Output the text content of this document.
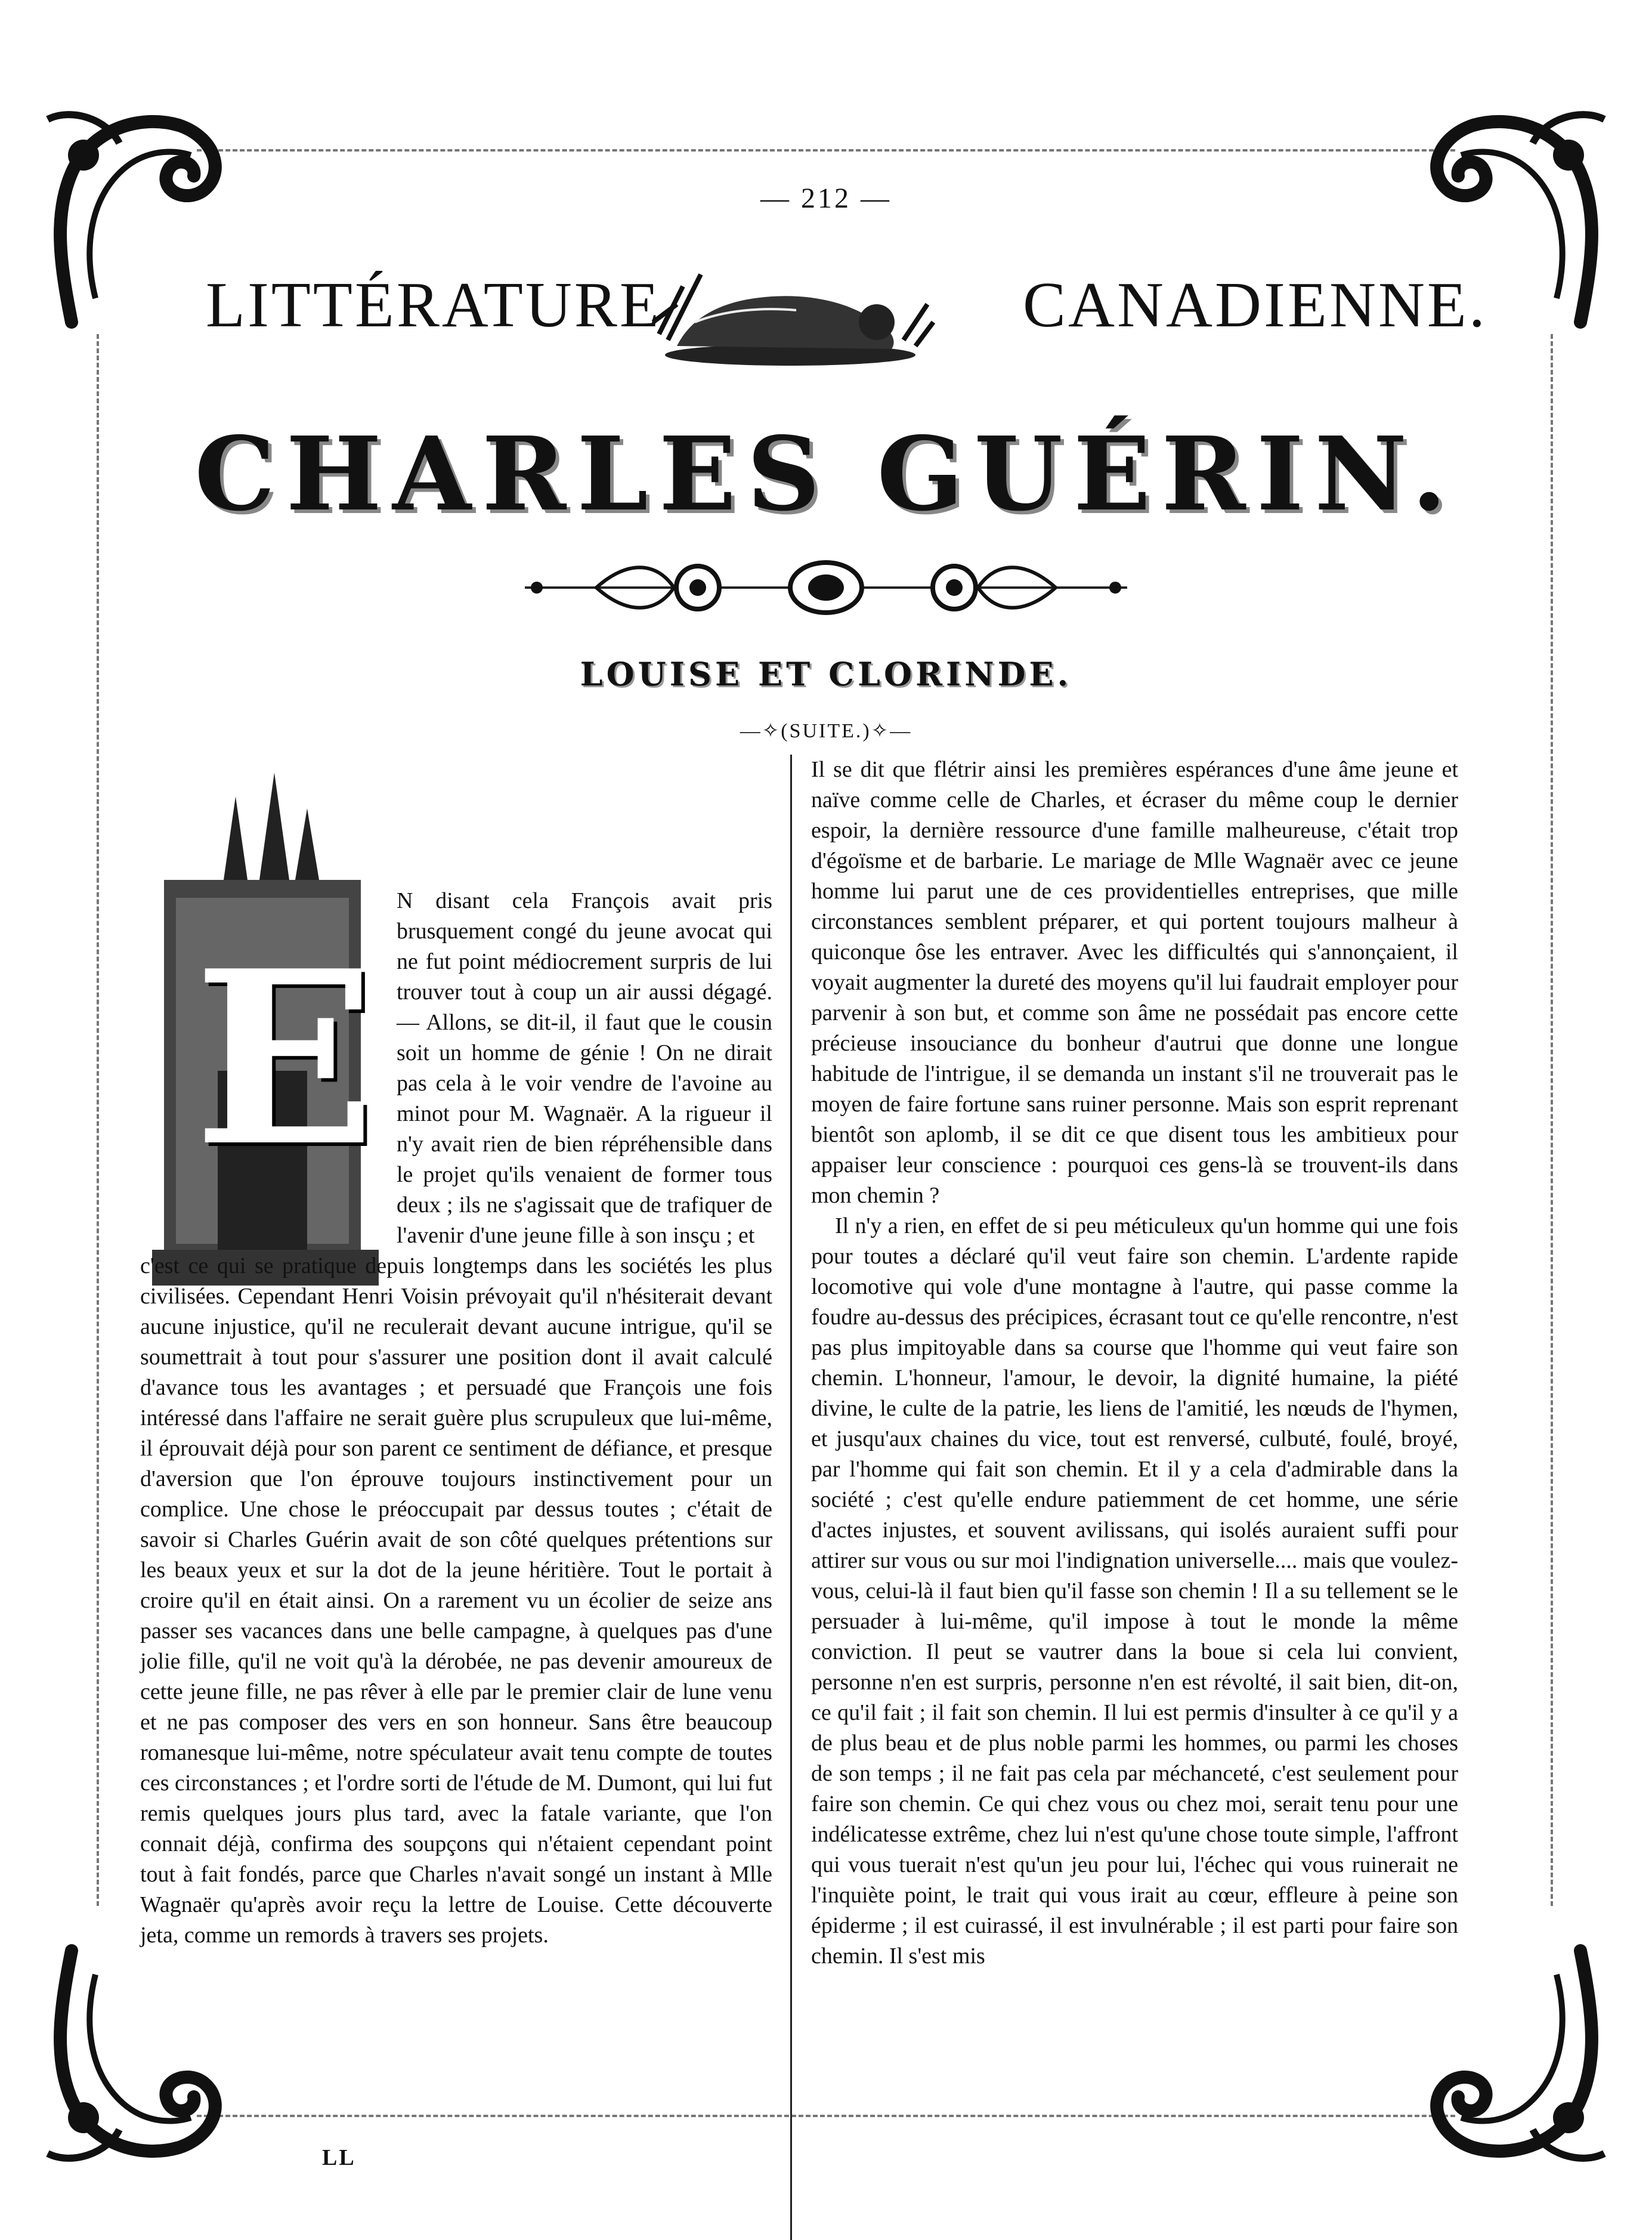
— 212 —
LITTÉRATURE	CANADIENNE.
CHARLES GUÉRIN.
LOUISE ET CLORINDE.
—✧(SUITE.)✧—
E

N disant cela François avait pris brusquement congé du jeune avocat qui ne fut point médiocrement surpris de lui trouver tout à coup un air aussi dégagé. — Allons, se dit-il, il faut que le cousin soit un homme de génie ! On ne dirait pas cela à le voir vendre de l'avoine au minot pour M. Wagnaër. A la rigueur il n'y avait rien de bien répréhensible dans le projet qu'ils venaient de former tous deux ; ils ne s'agissait que de trafiquer de l'avenir d'une jeune fille à son insçu ; et

c'est ce qui se pratique depuis longtemps dans les sociétés les plus civilisées. Cependant Henri Voisin prévoyait qu'il n'hésiterait devant aucune injustice, qu'il ne reculerait devant aucune intrigue, qu'il se soumettrait à tout pour s'assurer une position dont il avait calculé d'avance tous les avantages ; et persuadé que François une fois intéressé dans l'affaire ne serait guère plus scrupuleux que lui-même, il éprouvait déjà pour son parent ce sentiment de défiance, et presque d'aversion que l'on éprouve toujours instinctivement pour un complice. Une chose le préoccupait par dessus toutes ; c'était de savoir si Charles Guérin avait de son côté quelques prétentions sur les beaux yeux et sur la dot de la jeune héritière. Tout le portait à croire qu'il en était ainsi. On a rarement vu un écolier de seize ans passer ses vacances dans une belle campagne, à quelques pas d'une jolie fille, qu'il ne voit qu'à la dérobée, ne pas devenir amoureux de cette jeune fille, ne pas rêver à elle par le premier clair de lune venu et ne pas composer des vers en son honneur. Sans être beaucoup romanesque lui-même, notre spéculateur avait tenu compte de toutes ces circonstances ; et l'ordre sorti de l'étude de M. Dumont, qui lui fut remis quelques jours plus tard, avec la fatale variante, que l'on connait déjà, confirma des soupçons qui n'étaient cependant point tout à fait fondés, parce que Charles n'avait songé un instant à Mlle Wagnaër qu'après avoir reçu la lettre de Louise. Cette découverte jeta, comme un remords à travers ses projets.

LL

Il se dit que flétrir ainsi les premières espérances d'une âme jeune et naïve comme celle de Charles, et écraser du même coup le dernier espoir, la dernière ressource d'une famille malheureuse, c'était trop d'égoïsme et de barbarie. Le mariage de Mlle Wagnaër avec ce jeune homme lui parut une de ces providentielles entreprises, que mille circonstances semblent préparer, et qui portent toujours malheur à quiconque ôse les entraver. Avec les difficultés qui s'annonçaient, il voyait augmenter la dureté des moyens qu'il lui faudrait employer pour parvenir à son but, et comme son âme ne possédait pas encore cette précieuse insouciance du bonheur d'autrui que donne une longue habitude de l'intrigue, il se demanda un instant s'il ne trouverait pas le moyen de faire fortune sans ruiner personne. Mais son esprit reprenant bientôt son aplomb, il se dit ce que disent tous les ambitieux pour appaiser leur conscience : pourquoi ces gens-là se trouvent-ils dans mon chemin ?

Il n'y a rien, en effet de si peu méticuleux qu'un homme qui une fois pour toutes a déclaré qu'il veut faire son chemin. L'ardente rapide locomotive qui vole d'une montagne à l'autre, qui passe comme la foudre au-dessus des précipices, écrasant tout ce qu'elle rencontre, n'est pas plus impitoyable dans sa course que l'homme qui veut faire son chemin. L'honneur, l'amour, le devoir, la dignité humaine, la piété divine, le culte de la patrie, les liens de l'amitié, les nœuds de l'hymen, et jusqu'aux chaines du vice, tout est renversé, culbuté, foulé, broyé, par l'homme qui fait son chemin. Et il y a cela d'admirable dans la société ; c'est qu'elle endure patiemment de cet homme, une série d'actes injustes, et souvent avilissans, qui isolés auraient suffi pour attirer sur vous ou sur moi l'indignation universelle.... mais que voulez-vous, celui-là il faut bien qu'il fasse son chemin ! Il a su tellement se le persuader à lui-même, qu'il impose à tout le monde la même conviction. Il peut se vautrer dans la boue si cela lui convient, personne n'en est surpris, personne n'en est révolté, il sait bien, dit-on, ce qu'il fait ; il fait son chemin. Il lui est permis d'insulter à ce qu'il y a de plus beau et de plus noble parmi les hommes, ou parmi les choses de son temps ; il ne fait pas cela par méchanceté, c'est seulement pour faire son chemin. Ce qui chez vous ou chez moi, serait tenu pour une indélicatesse extrême, chez lui n'est qu'une chose toute simple, l'affront qui vous tuerait n'est qu'un jeu pour lui, l'échec qui vous ruinerait ne l'inquiète point, le trait qui vous irait au cœur, effleure à peine son épiderme ; il est cuirassé, il est invulnérable ; il est parti pour faire son chemin. Il s'est mis
